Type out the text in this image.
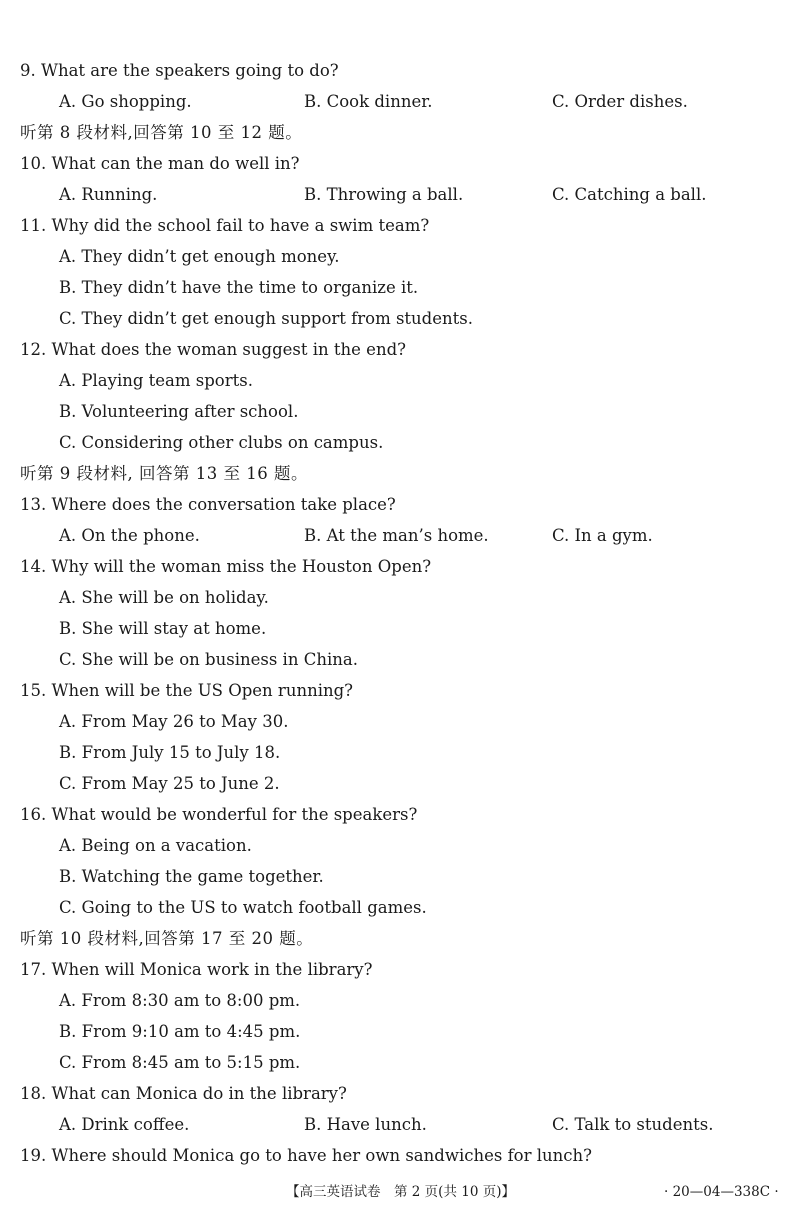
9. What are the speakers going to do?
A. Go shopping.	B. Cook dinner.	C. Order dishes.
听第 8 段材料,回答第 10 至 12 题。
10. What can the man do well in?
A. Running.	B. Throwing a ball.	C. Catching a ball.
11. Why did the school fail to have a swim team?
A. They didn’t get enough money.
B. They didn’t have the time to organize it.
C. They didn’t get enough support from students.
12. What does the woman suggest in the end?
A. Playing team sports.
B. Volunteering after school.
C. Considering other clubs on campus.
听第 9 段材料, 回答第 13 至 16 题。
13. Where does the conversation take place?
A. On the phone.	B. At the man’s home.	C. In a gym.
14. Why will the woman miss the Houston Open?
A. She will be on holiday.
B. She will stay at home.
C. She will be on business in China.
15. When will be the US Open running?
A. From May 26 to May 30.
B. From July 15 to July 18.
C. From May 25 to June 2.
16. What would be wonderful for the speakers?
A. Being on a vacation.
B. Watching the game together.
C. Going to the US to watch football games.
听第 10 段材料,回答第 17 至 20 题。
17. When will Monica work in the library?
A. From 8:30 am to 8:00 pm.
B. From 9:10 am to 4:45 pm.
C. From 8:45 am to 5:15 pm.
18. What can Monica do in the library?
A. Drink coffee.	B. Have lunch.	C. Talk to students.
19. Where should Monica go to have her own sandwiches for lunch?
【高三英语试卷　第 2 页(共 10 页)】	· 20—04—338C ·
